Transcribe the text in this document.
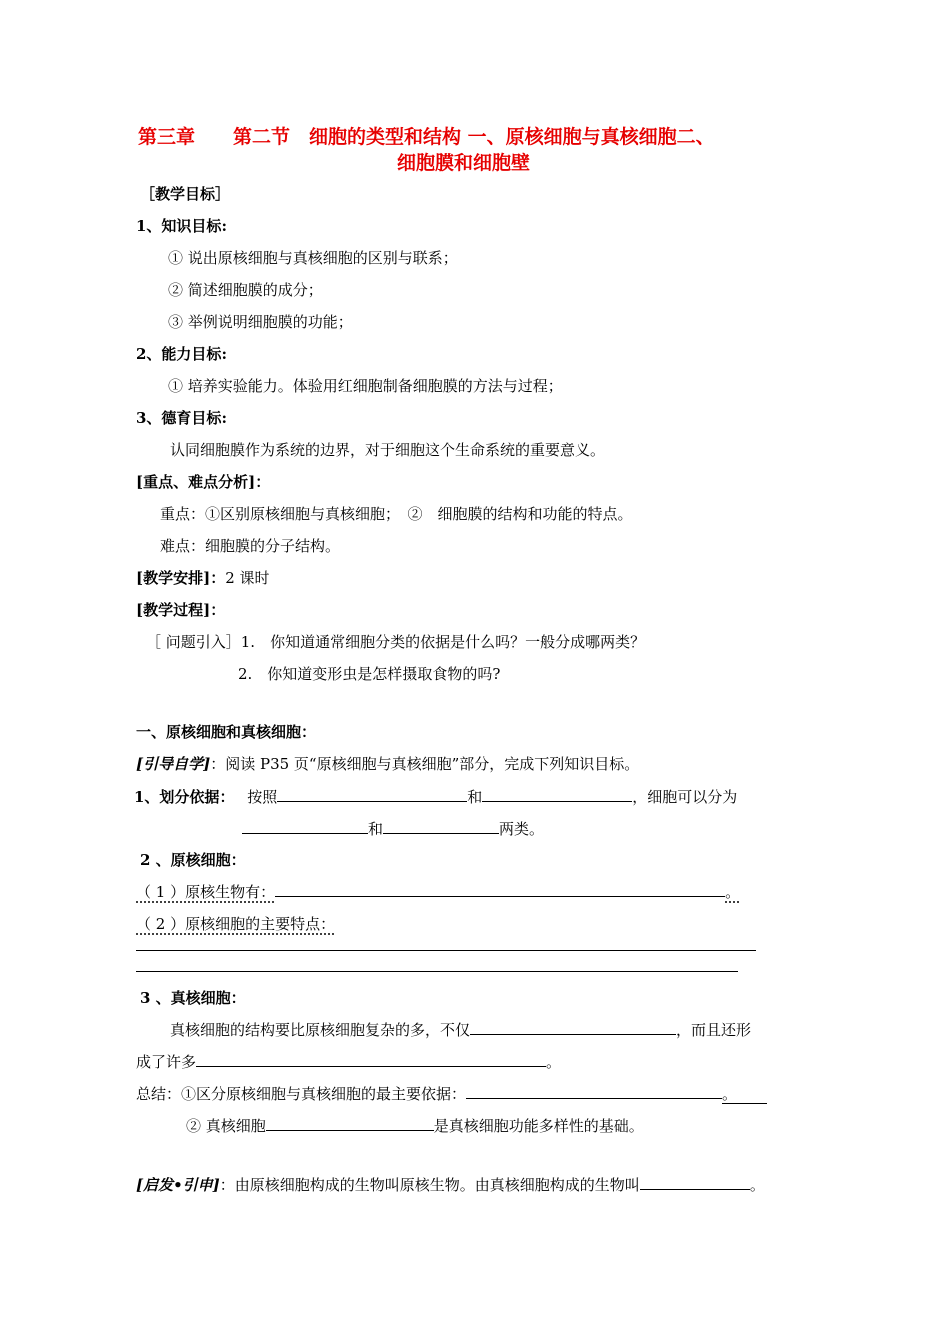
第三章　　第二节　细胞的类型和结构 一、原核细胞与真核细胞二、
细胞膜和细胞壁
［教学目标］
1、知识目标:
① 说出原核细胞与真核细胞的区别与联系；
② 简述细胞膜的成分；
③ 举例说明细胞膜的功能；
2、能力目标:
① 培养实验能力。体验用红细胞制备细胞膜的方法与过程；
3、德育目标:
认同细胞膜作为系统的边界，对于细胞这个生命系统的重要意义。
[重点、难点分析]：
重点：①区别原核细胞与真核细胞；　②　细胞膜的结构和功能的特点。
难点：细胞膜的分子结构。
[教学安排]：2 课时
[教学过程]：
［ 问题引入］1.　你知道通常细胞分类的依据是什么吗？一般分成哪两类？
2.　你知道变形虫是怎样摄取食物的吗?
一、原核细胞和真核细胞：
[引导自学]：阅读 P35 页“原核细胞与真核细胞”部分，完成下列知识目标。
1、划分依据： 按照	和	，细胞可以分为
和	两类。
2 、原核细胞：
（ 1 ）原核生物有：	。
（ 2 ）原核细胞的主要特点：
3 、真核细胞：
真核细胞的结构要比原核细胞复杂的多，不仅	，而且还形
成了许多	。
总结：①区分原核细胞与真核细胞的最主要依据：	。
② 真核细胞	是真核细胞功能多样性的基础。
[启发•引申]：由原核细胞构成的生物叫原核生物。由真核细胞构成的生物叫	。
